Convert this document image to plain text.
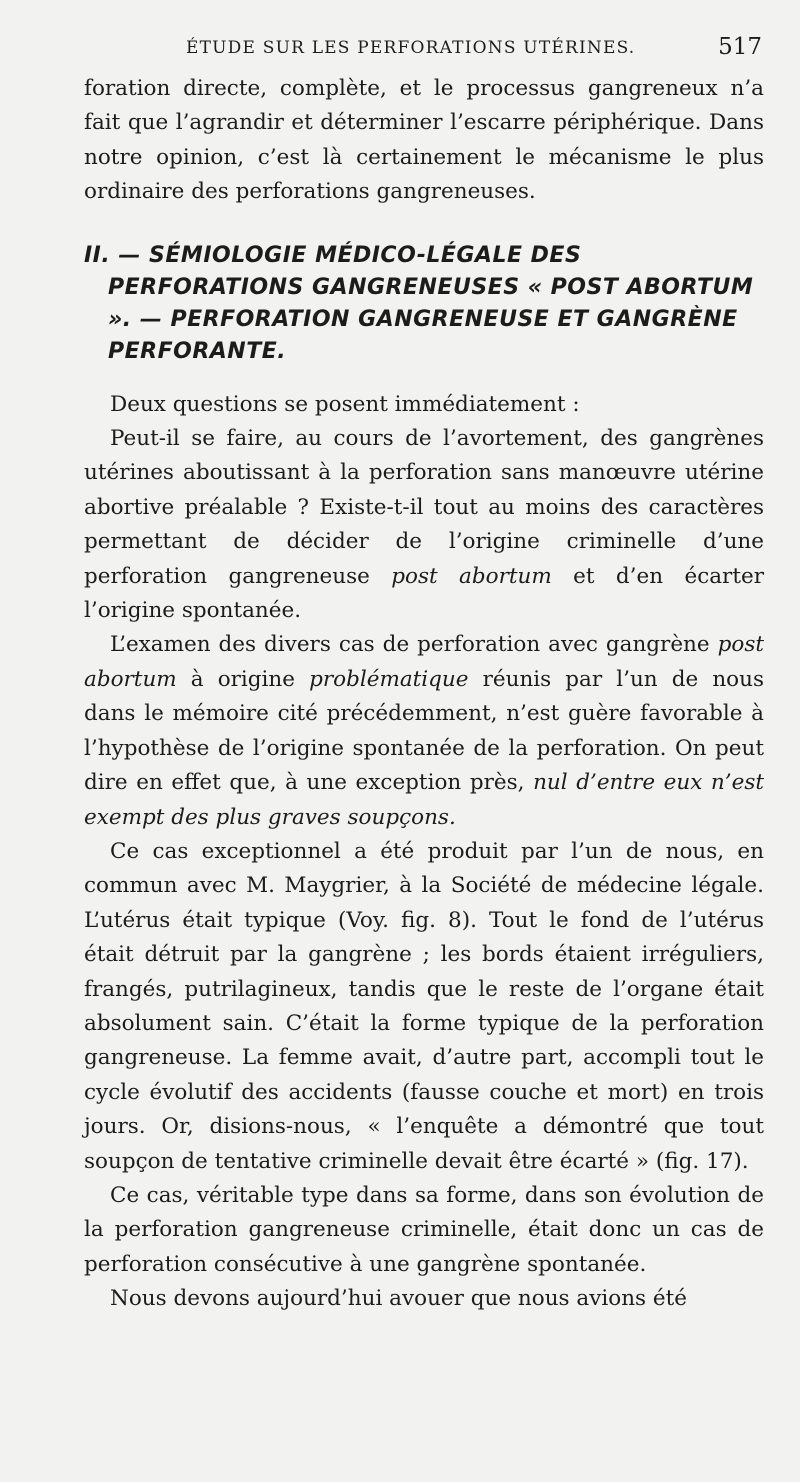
ÉTUDE SUR LES PERFORATIONS UTÉRINES.	517

foration directe, complète, et le processus gangreneux n’a fait que l’agrandir et déterminer l’escarre périphérique. Dans notre opinion, c’est là certainement le mécanisme le plus ordinaire des perforations gangreneuses.

II. — SÉMIOLOGIE MÉDICO-LÉGALE DES PERFORATIONS GANGRENEUSES « POST ABORTUM ». — PERFORATION GANGRENEUSE ET GANGRÈNE PERFORANTE.

Deux questions se posent immédiatement :

Peut-il se faire, au cours de l’avortement, des gangrènes utérines aboutissant à la perforation sans manœuvre utérine abortive préalable ? Existe-t-il tout au moins des caractères permettant de décider de l’origine criminelle d’une perforation gangreneuse post abortum et d’en écarter l’origine spontanée.

L’examen des divers cas de perforation avec gangrène post abortum à origine problématique réunis par l’un de nous dans le mémoire cité précédemment, n’est guère favorable à l’hypothèse de l’origine spontanée de la perforation. On peut dire en effet que, à une exception près, nul d’entre eux n’est exempt des plus graves soupçons.

Ce cas exceptionnel a été produit par l’un de nous, en commun avec M. Maygrier, à la Société de médecine légale. L’utérus était typique (Voy. fig. 8). Tout le fond de l’utérus était détruit par la gangrène ; les bords étaient irréguliers, frangés, putrilagineux, tandis que le reste de l’organe était absolument sain. C’était la forme typique de la perforation gangreneuse. La femme avait, d’autre part, accompli tout le cycle évolutif des accidents (fausse couche et mort) en trois jours. Or, disions-nous, « l’enquête a démontré que tout soupçon de tentative criminelle devait être écarté » (fig. 17).

Ce cas, véritable type dans sa forme, dans son évolution de la perforation gangreneuse criminelle, était donc un cas de perforation consécutive à une gangrène spontanée.

Nous devons aujourd’hui avouer que nous avions été
